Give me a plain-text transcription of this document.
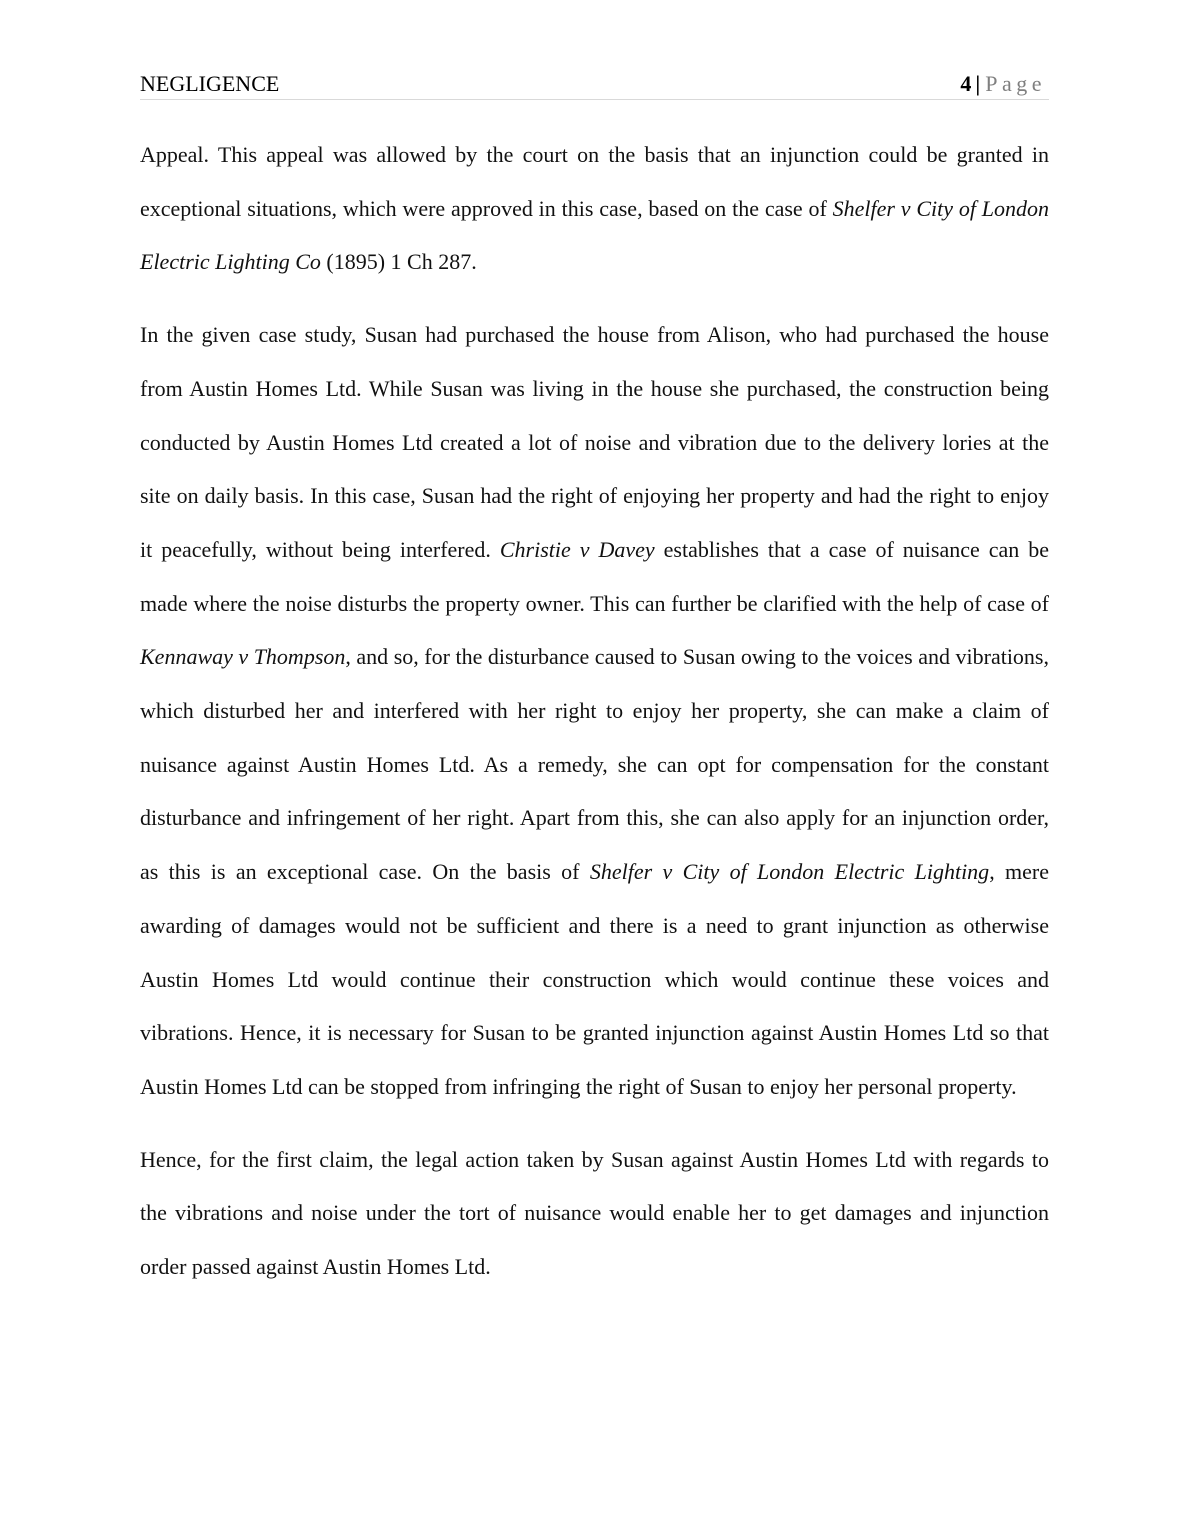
NEGLIGENCE	4 | Page

Appeal. This appeal was allowed by the court on the basis that an injunction could be granted in exceptional situations, which were approved in this case, based on the case of Shelfer v City of London Electric Lighting Co (1895) 1 Ch 287.

In the given case study, Susan had purchased the house from Alison, who had purchased the house from Austin Homes Ltd. While Susan was living in the house she purchased, the construction being conducted by Austin Homes Ltd created a lot of noise and vibration due to the delivery lories at the site on daily basis. In this case, Susan had the right of enjoying her property and had the right to enjoy it peacefully, without being interfered. Christie v Davey establishes that a case of nuisance can be made where the noise disturbs the property owner. This can further be clarified with the help of case of Kennaway v Thompson, and so, for the disturbance caused to Susan owing to the voices and vibrations, which disturbed her and interfered with her right to enjoy her property, she can make a claim of nuisance against Austin Homes Ltd. As a remedy, she can opt for compensation for the constant disturbance and infringement of her right. Apart from this, she can also apply for an injunction order, as this is an exceptional case. On the basis of Shelfer v City of London Electric Lighting, mere awarding of damages would not be sufficient and there is a need to grant injunction as otherwise Austin Homes Ltd would continue their construction which would continue these voices and vibrations. Hence, it is necessary for Susan to be granted injunction against Austin Homes Ltd so that Austin Homes Ltd can be stopped from infringing the right of Susan to enjoy her personal property.

Hence, for the first claim, the legal action taken by Susan against Austin Homes Ltd with regards to the vibrations and noise under the tort of nuisance would enable her to get damages and injunction order passed against Austin Homes Ltd.
